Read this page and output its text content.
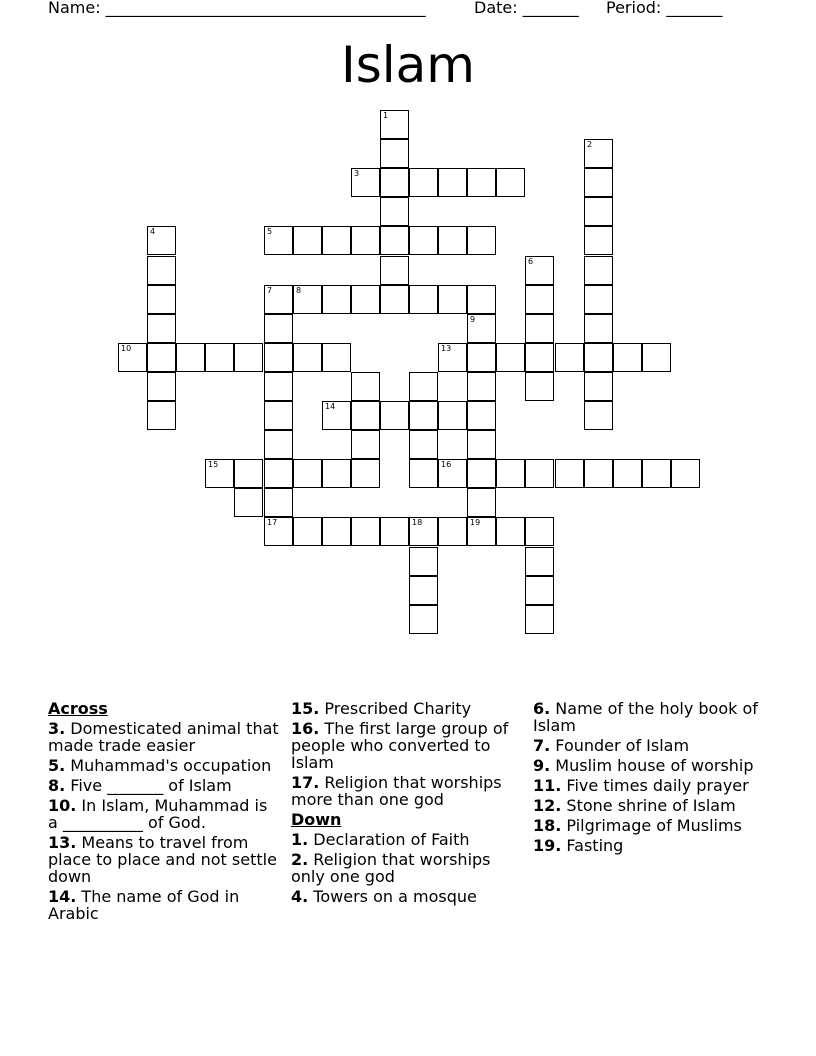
Name: ________________________________________	Date: _______ Period: _______
Islam
1
2
3
4	5
6
7	8
9
10	13
14
15	16
17	18	19
Across
3. Domesticated animal that made trade easier
5. Muhammad's occupation
8. Five _______ of Islam
10. In Islam, Muhammad is a __________ of God.
13. Means to travel from place to place and not settle down
14. The name of God in Arabic
15. Prescribed Charity
16. The first large group of people who converted to Islam
17. Religion that worships more than one god
Down
1. Declaration of Faith
2. Religion that worships only one god
4. Towers on a mosque
6. Name of the holy book of Islam
7. Founder of Islam
9. Muslim house of worship
11. Five times daily prayer
12. Stone shrine of Islam
18. Pilgrimage of Muslims
19. Fasting
